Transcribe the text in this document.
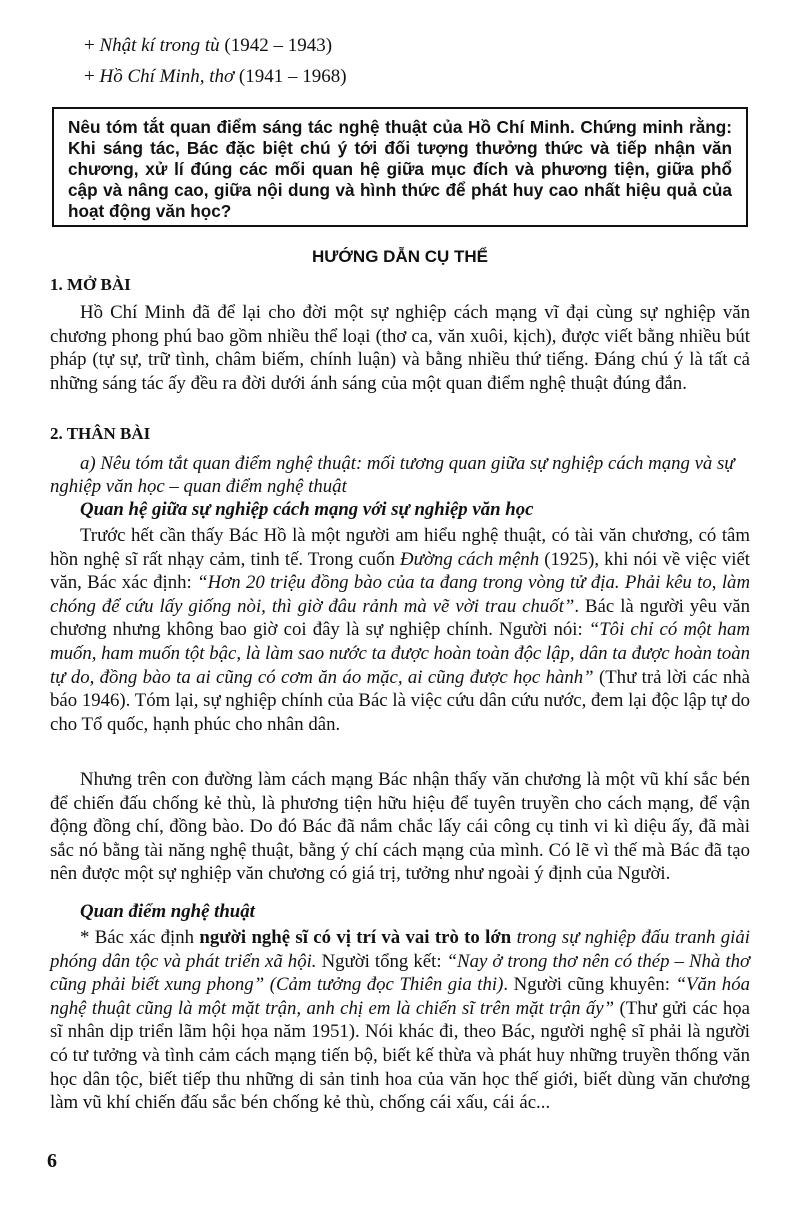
+ Nhật kí trong tù (1942 – 1943)
+ Hồ Chí Minh, thơ (1941 – 1968)
Nêu tóm tắt quan điểm sáng tác nghệ thuật của Hồ Chí Minh. Chứng minh rằng: Khi sáng tác, Bác đặc biệt chú ý tới đối tượng thưởng thức và tiếp nhận văn chương, xử lí đúng các mối quan hệ giữa mục đích và phương tiện, giữa phổ cập và nâng cao, giữa nội dung và hình thức để phát huy cao nhất hiệu quả của hoạt động văn học?
HƯỚNG DẪN CỤ THỂ
1. MỞ BÀI
Hồ Chí Minh đã để lại cho đời một sự nghiệp cách mạng vĩ đại cùng sự nghiệp văn chương phong phú bao gồm nhiều thể loại (thơ ca, văn xuôi, kịch), được viết bằng nhiều bút pháp (tự sự, trữ tình, châm biếm, chính luận) và bằng nhiều thứ tiếng. Đáng chú ý là tất cả những sáng tác ấy đều ra đời dưới ánh sáng của một quan điểm nghệ thuật đúng đắn.
2. THÂN BÀI
a) Nêu tóm tắt quan điểm nghệ thuật: mối tương quan giữa sự nghiệp cách mạng và sự nghiệp văn học – quan điểm nghệ thuật
Quan hệ giữa sự nghiệp cách mạng với sự nghiệp văn học
Trước hết cần thấy Bác Hồ là một người am hiểu nghệ thuật, có tài văn chương, có tâm hồn nghệ sĩ rất nhạy cảm, tinh tế. Trong cuốn Đường cách mệnh (1925), khi nói về việc viết văn, Bác xác định: “Hơn 20 triệu đồng bào của ta đang trong vòng tử địa. Phải kêu to, làm chóng để cứu lấy giống nòi, thì giờ đâu rảnh mà vẽ vời trau chuốt”. Bác là người yêu văn chương nhưng không bao giờ coi đây là sự nghiệp chính. Người nói: “Tôi chỉ có một ham muốn, ham muốn tột bậc, là làm sao nước ta được hoàn toàn độc lập, dân ta được hoàn toàn tự do, đồng bào ta ai cũng có cơm ăn áo mặc, ai cũng được học hành” (Thư trả lời các nhà báo 1946). Tóm lại, sự nghiệp chính của Bác là việc cứu dân cứu nước, đem lại độc lập tự do cho Tổ quốc, hạnh phúc cho nhân dân.
Nhưng trên con đường làm cách mạng Bác nhận thấy văn chương là một vũ khí sắc bén để chiến đấu chống kẻ thù, là phương tiện hữu hiệu để tuyên truyền cho cách mạng, để vận động đồng chí, đồng bào. Do đó Bác đã nắm chắc lấy cái công cụ tinh vi kì diệu ấy, đã mài sắc nó bằng tài năng nghệ thuật, bằng ý chí cách mạng của mình. Có lẽ vì thế mà Bác đã tạo nên được một sự nghiệp văn chương có giá trị, tưởng như ngoài ý định của Người.
Quan điểm nghệ thuật
* Bác xác định người nghệ sĩ có vị trí và vai trò to lớn trong sự nghiệp đấu tranh giải phóng dân tộc và phát triển xã hội. Người tổng kết: “Nay ở trong thơ nên có thép – Nhà thơ cũng phải biết xung phong” (Cảm tưởng đọc Thiên gia thi). Người cũng khuyên: “Văn hóa nghệ thuật cũng là một mặt trận, anh chị em là chiến sĩ trên mặt trận ấy” (Thư gửi các họa sĩ nhân dịp triển lãm hội họa năm 1951). Nói khác đi, theo Bác, người nghệ sĩ phải là người có tư tưởng và tình cảm cách mạng tiến bộ, biết kế thừa và phát huy những truyền thống văn học dân tộc, biết tiếp thu những di sản tinh hoa của văn học thế giới, biết dùng văn chương làm vũ khí chiến đấu sắc bén chống kẻ thù, chống cái xấu, cái ác...
6
